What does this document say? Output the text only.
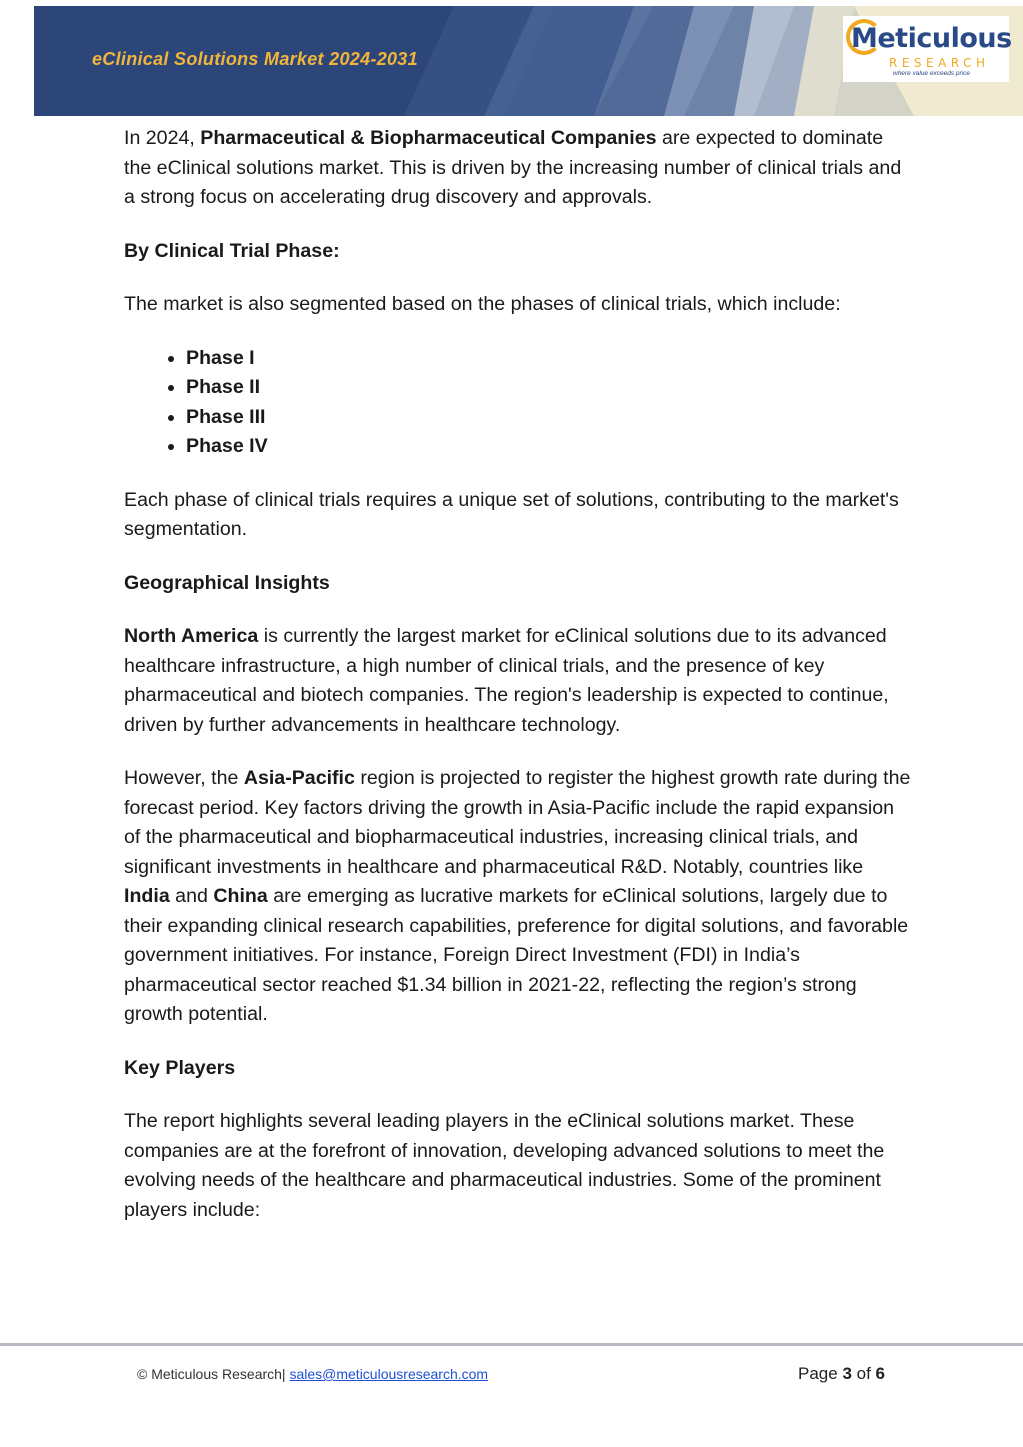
eClinical Solutions Market 2024-2031
Meticulous
RESEARCH
where value exceeds price

In 2024, Pharmaceutical & Biopharmaceutical Companies are expected to dominate the eClinical solutions market. This is driven by the increasing number of clinical trials and a strong focus on accelerating drug discovery and approvals.

By Clinical Trial Phase:

The market is also segmented based on the phases of clinical trials, which include:

• Phase I
• Phase II
• Phase III
• Phase IV

Each phase of clinical trials requires a unique set of solutions, contributing to the market's segmentation.

Geographical Insights

North America is currently the largest market for eClinical solutions due to its advanced healthcare infrastructure, a high number of clinical trials, and the presence of key pharmaceutical and biotech companies. The region's leadership is expected to continue, driven by further advancements in healthcare technology.

However, the Asia-Pacific region is projected to register the highest growth rate during the forecast period. Key factors driving the growth in Asia-Pacific include the rapid expansion of the pharmaceutical and biopharmaceutical industries, increasing clinical trials, and significant investments in healthcare and pharmaceutical R&D. Notably, countries like India and China are emerging as lucrative markets for eClinical solutions, largely due to their expanding clinical research capabilities, preference for digital solutions, and favorable government initiatives. For instance, Foreign Direct Investment (FDI) in India’s pharmaceutical sector reached $1.34 billion in 2021-22, reflecting the region’s strong growth potential.

Key Players

The report highlights several leading players in the eClinical solutions market. These companies are at the forefront of innovation, developing advanced solutions to meet the evolving needs of the healthcare and pharmaceutical industries. Some of the prominent players include:

© Meticulous Research| sales@meticulousresearch.com	Page 3 of 6
